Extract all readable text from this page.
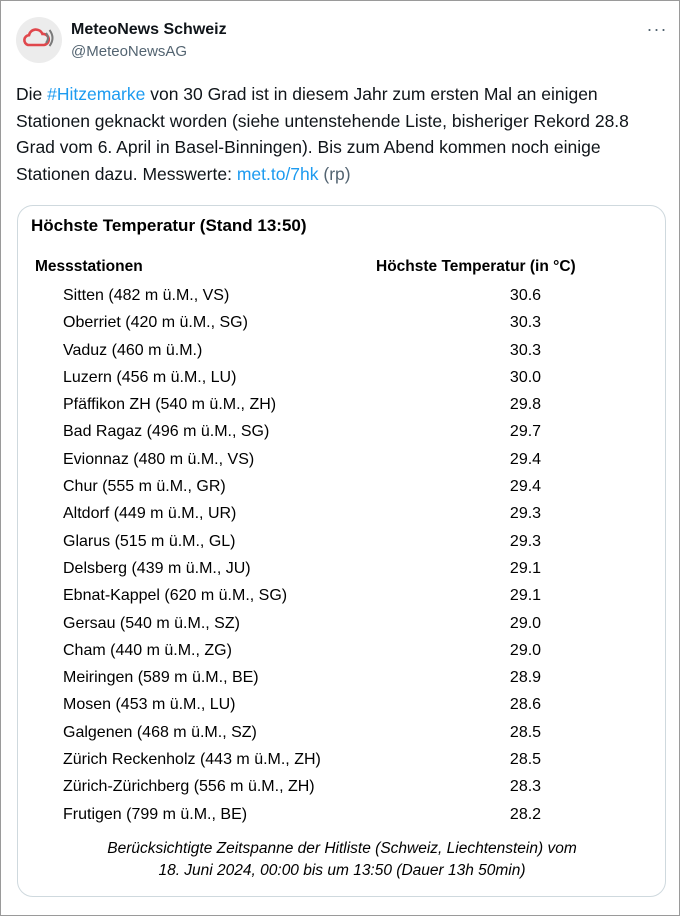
MeteoNews Schweiz
@MeteoNewsAG
···
Die #Hitzemarke von 30 Grad ist in diesem Jahr zum ersten Mal an einigen Stationen geknackt worden (siehe untenstehende Liste, bisheriger Rekord 28.8 Grad vom 6. April in Basel-Binningen). Bis zum Abend kommen noch einige Stationen dazu. Messwerte: met.to/7hk (rp)
Höchste Temperatur (Stand 13:50)
Messstationen	Höchste Temperatur (in °C)
Sitten (482 m ü.M., VS)	30.6
Oberriet (420 m ü.M., SG)	30.3
Vaduz (460 m ü.M.)	30.3
Luzern (456 m ü.M., LU)	30.0
Pfäffikon ZH (540 m ü.M., ZH)	29.8
Bad Ragaz (496 m ü.M., SG)	29.7
Evionnaz (480 m ü.M., VS)	29.4
Chur (555 m ü.M., GR)	29.4
Altdorf (449 m ü.M., UR)	29.3
Glarus (515 m ü.M., GL)	29.3
Delsberg (439 m ü.M., JU)	29.1
Ebnat-Kappel (620 m ü.M., SG)	29.1
Gersau (540 m ü.M., SZ)	29.0
Cham (440 m ü.M., ZG)	29.0
Meiringen (589 m ü.M., BE)	28.9
Mosen (453 m ü.M., LU)	28.6
Galgenen (468 m ü.M., SZ)	28.5
Zürich Reckenholz (443 m ü.M., ZH)	28.5
Zürich-Zürichberg (556 m ü.M., ZH)	28.3
Frutigen (799 m ü.M., BE)	28.2
Berücksichtigte Zeitspanne der Hitliste (Schweiz, Liechtenstein) vom
18. Juni 2024, 00:00 bis um 13:50 (Dauer 13h 50min)
